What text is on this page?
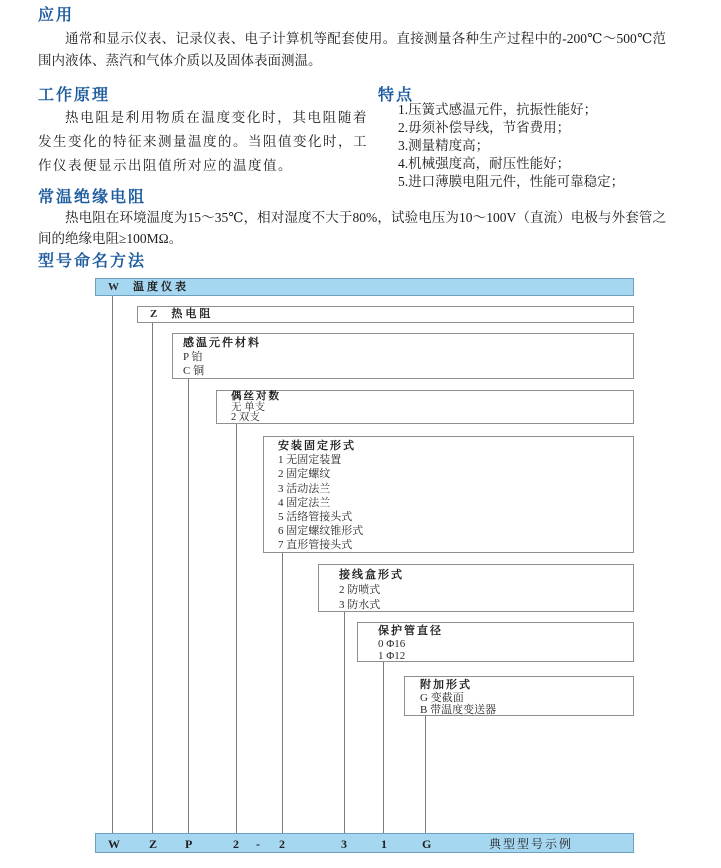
应用
通常和显示仪表、记录仪表、电子计算机等配套使用。直接测量各种生产过程中的-200℃～500℃范围内液体、蒸汽和气体介质以及固体表面测温。
工作原理
热电阻是利用物质在温度变化时，其电阻随着发生变化的特征来测量温度的。当阻值变化时，工作仪表便显示出阻值所对应的温度值。
特点
1.压簧式感温元件，抗振性能好；
2.毋须补偿导线，节省费用；
3.测量精度高；
4.机械强度高，耐压性能好；
5.进口薄膜电阻元件，性能可靠稳定；
常温绝缘电阻
热电阻在环境温度为15～35℃，相对湿度不大于80%，试验电压为10～100V（直流）电极与外套管之间的绝缘电阻≥100MΩ。
型号命名方法
W 温度仪表
Z 热电阻
感温元件材料
P 铂
C 铜
偶丝对数
无 单支
2 双支
安装固定形式
1 无固定装置
2 固定螺纹
3 活动法兰
4 固定法兰
5 活络管接头式
6 固定螺纹锥形式
7 直形管接头式
接线盒形式
2 防喷式
3 防水式
保护管直径
0 Φ16
1 Φ12
附加形式
G 变截面
B 带温度变送器
W Z P	2 - 2	3	1	G	典型型号示例
